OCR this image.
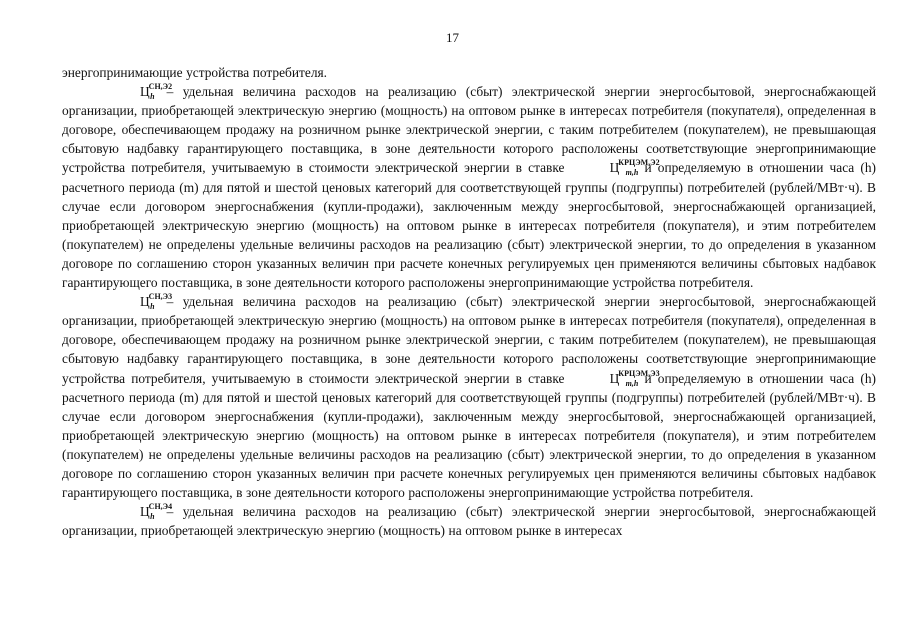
17

энергопринимающие устройства потребителя.

$Ц^{СН,Э2}_h$ – удельная величина расходов на реализацию (сбыт) электрической энергии энергосбытовой, энергоснабжающей организации, приобретающей электрическую энергию (мощность) на оптовом рынке в интересах потребителя (покупателя), определенная в договоре, обеспечивающем продажу на розничном рынке электрической энергии, с таким потребителем (покупателем), не превышающая сбытовую надбавку гарантирующего поставщика, в зоне деятельности которого расположены соответствующие энергопринимающие устройства потребителя, учитываемую в стоимости электрической энергии в ставке	$Ц^{КРЦЭМ,Э2}_{m,h}$ и определяемую в отношении часа (h) расчетного периода (m) для пятой и шестой ценовых категорий для соответствующей группы (подгруппы) потребителей (рублей/МВт·ч). В случае если договором энергоснабжения (купли-продажи), заключенным между энергосбытовой, энергоснабжающей организацией, приобретающей электрическую энергию (мощность) на оптовом рынке в интересах потребителя (покупателя), и этим потребителем (покупателем) не определены удельные величины расходов на реализацию (сбыт) электрической энергии, то до определения в указанном договоре по соглашению сторон указанных величин при расчете конечных регулируемых цен применяются величины сбытовых надбавок гарантирующего поставщика, в зоне деятельности которого расположены энергопринимающие устройства потребителя.

$Ц^{СН,Э3}_h$ – удельная величина расходов на реализацию (сбыт) электрической энергии энергосбытовой, энергоснабжающей организации, приобретающей электрическую энергию (мощность) на оптовом рынке в интересах потребителя (покупателя), определенная в договоре, обеспечивающем продажу на розничном рынке электрической энергии, с таким потребителем (покупателем), не превышающая сбытовую надбавку гарантирующего поставщика, в зоне деятельности которого расположены соответствующие энергопринимающие устройства потребителя, учитываемую в стоимости электрической энергии в ставке	$Ц^{КРЦЭМ,Э3}_{m,h}$ и определяемую в отношении часа (h) расчетного периода (m) для пятой и шестой ценовых категорий для соответствующей группы (подгруппы) потребителей (рублей/МВт·ч). В случае если договором энергоснабжения (купли-продажи), заключенным между энергосбытовой, энергоснабжающей организацией, приобретающей электрическую энергию (мощность) на оптовом рынке в интересах потребителя (покупателя), и этим потребителем (покупателем) не определены удельные величины расходов на реализацию (сбыт) электрической энергии, то до определения в указанном договоре по соглашению сторон указанных величин при расчете конечных регулируемых цен применяются величины сбытовых надбавок гарантирующего поставщика, в зоне деятельности которого расположены энергопринимающие устройства потребителя.

$Ц^{СН,Э4}_h$ – удельная величина расходов на реализацию (сбыт) электрической энергии энергосбытовой, энергоснабжающей организации, приобретающей электрическую энергию (мощность) на оптовом рынке в интересах
